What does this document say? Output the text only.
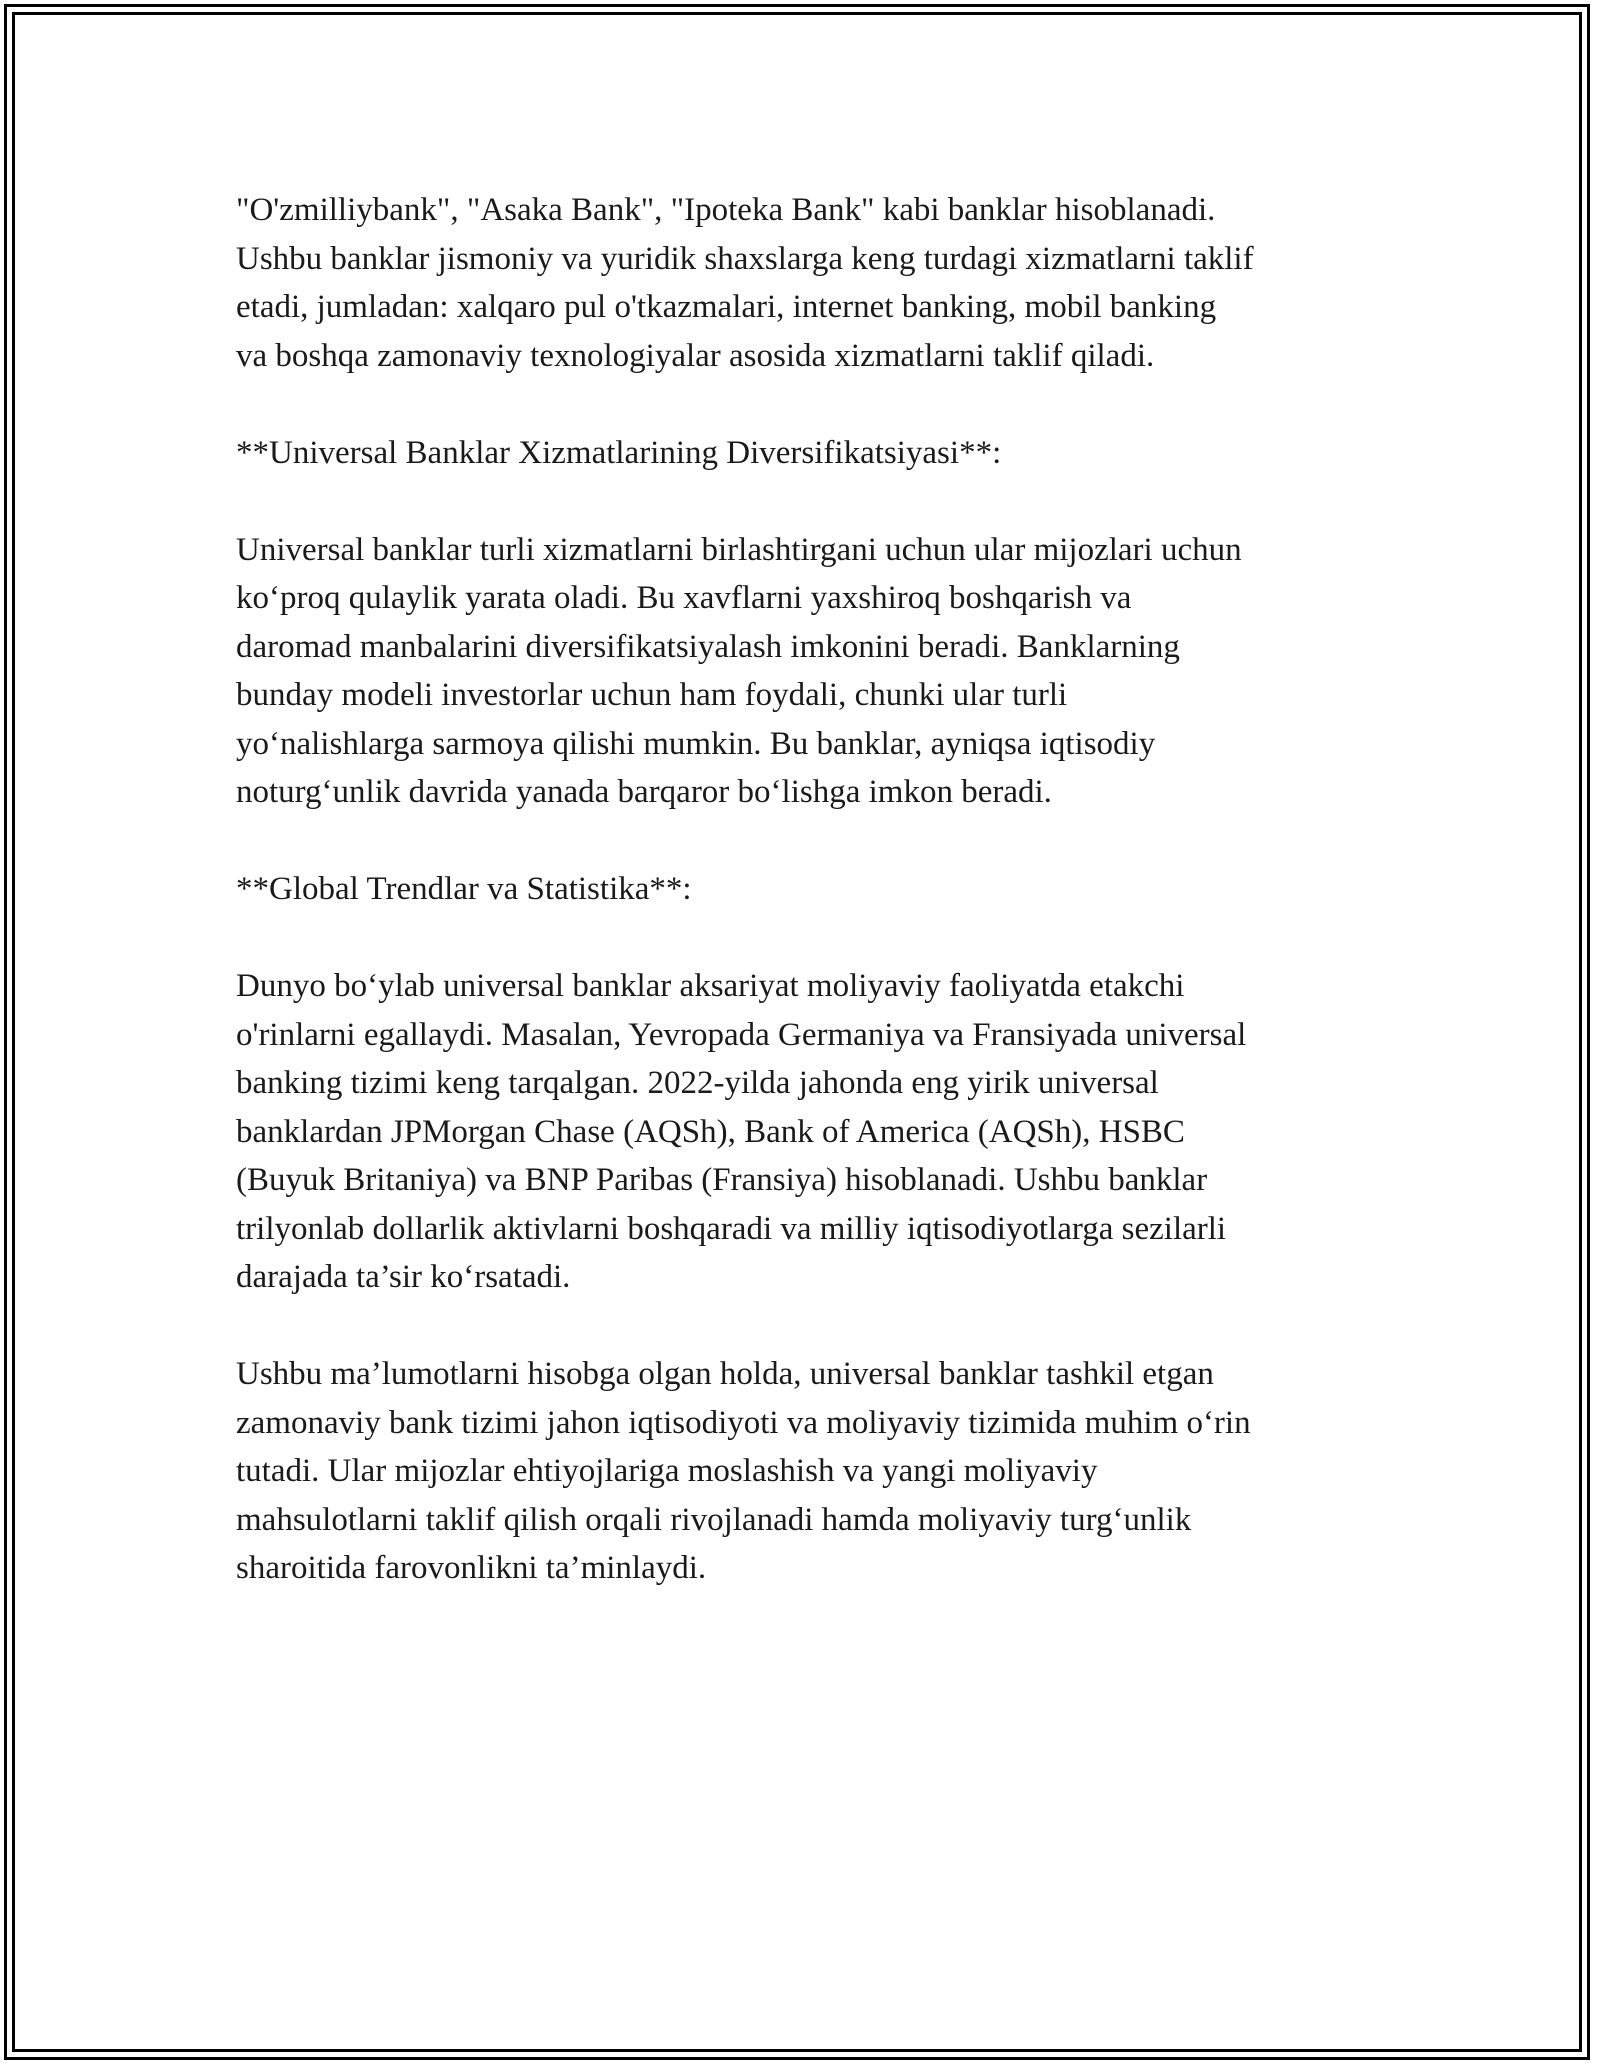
"O'zmilliybank", "Asaka Bank", "Ipoteka Bank" kabi banklar hisoblanadi.
Ushbu banklar jismoniy va yuridik shaxslarga keng turdagi xizmatlarni taklif
etadi, jumladan: xalqaro pul o'tkazmalari, internet banking, mobil banking
va boshqa zamonaviy texnologiyalar asosida xizmatlarni taklif qiladi.
**Universal Banklar Xizmatlarining Diversifikatsiyasi**:
Universal banklar turli xizmatlarni birlashtirgani uchun ular mijozlari uchun
ko‘proq qulaylik yarata oladi. Bu xavflarni yaxshiroq boshqarish va
daromad manbalarini diversifikatsiyalash imkonini beradi. Banklarning
bunday modeli investorlar uchun ham foydali, chunki ular turli
yo‘nalishlarga sarmoya qilishi mumkin. Bu banklar, ayniqsa iqtisodiy
noturg‘unlik davrida yanada barqaror bo‘lishga imkon beradi.
**Global Trendlar va Statistika**:
Dunyo bo‘ylab universal banklar aksariyat moliyaviy faoliyatda etakchi
o'rinlarni egallaydi. Masalan, Yevropada Germaniya va Fransiyada universal
banking tizimi keng tarqalgan. 2022-yilda jahonda eng yirik universal
banklardan JPMorgan Chase (AQSh), Bank of America (AQSh), HSBC
(Buyuk Britaniya) va BNP Paribas (Fransiya) hisoblanadi. Ushbu banklar
trilyonlab dollarlik aktivlarni boshqaradi va milliy iqtisodiyotlarga sezilarli
darajada ta’sir ko‘rsatadi.
Ushbu ma’lumotlarni hisobga olgan holda, universal banklar tashkil etgan
zamonaviy bank tizimi jahon iqtisodiyoti va moliyaviy tizimida muhim o‘rin
tutadi. Ular mijozlar ehtiyojlariga moslashish va yangi moliyaviy
mahsulotlarni taklif qilish orqali rivojlanadi hamda moliyaviy turg‘unlik
sharoitida farovonlikni ta’minlaydi.
